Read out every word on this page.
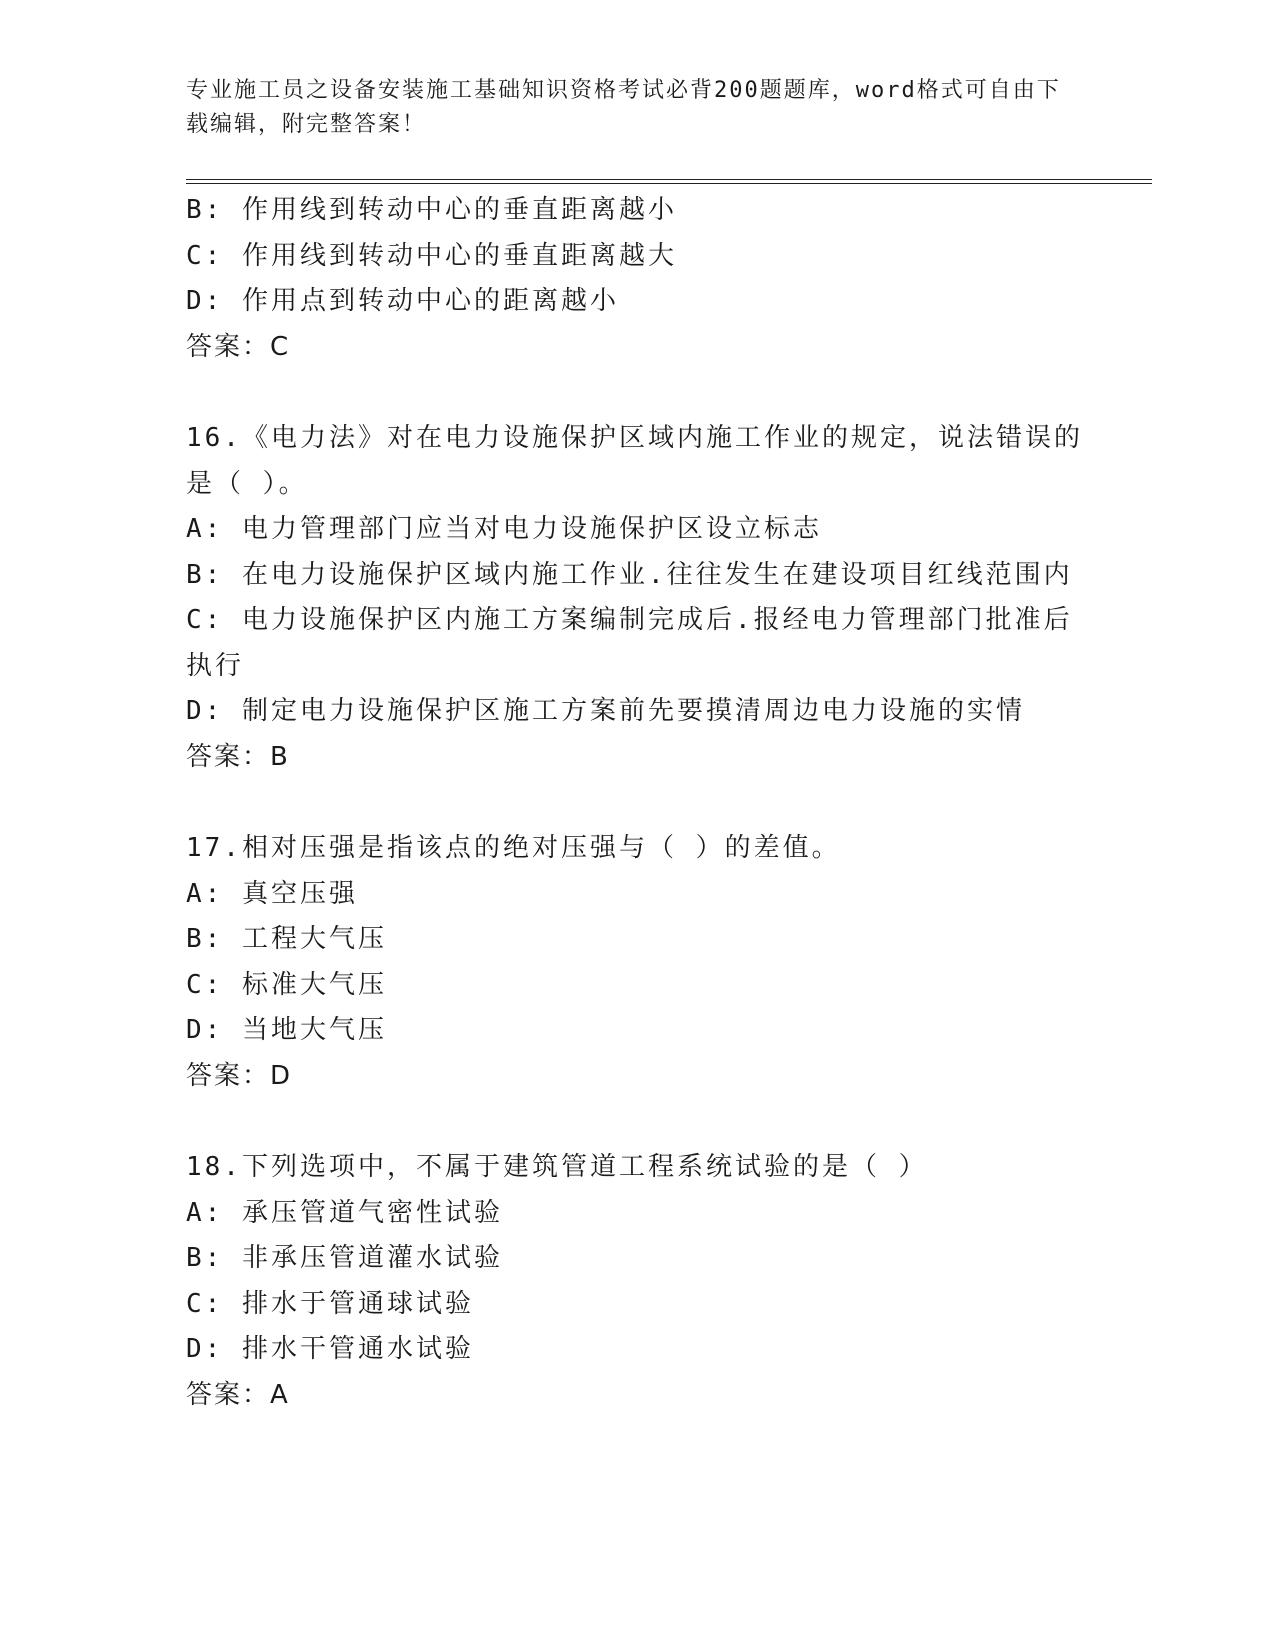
专业施工员之设备安装施工基础知识资格考试必背200题题库，word格式可自由下载编辑，附完整答案！
B: 作用线到转动中心的垂直距离越小
C: 作用线到转动中心的垂直距离越大
D: 作用点到转动中心的距离越小
答案：C
16.《电力法》对在电力设施保护区域内施工作业的规定，说法错误的
是（ ）。
A: 电力管理部门应当对电力设施保护区设立标志
B: 在电力设施保护区域内施工作业.往往发生在建设项目红线范围内
C: 电力设施保护区内施工方案编制完成后.报经电力管理部门批准后
执行
D: 制定电力设施保护区施工方案前先要摸清周边电力设施的实情
答案：B
17.相对压强是指该点的绝对压强与（ ）的差值。
A: 真空压强
B: 工程大气压
C: 标准大气压
D: 当地大气压
答案：D
18.下列选项中，不属于建筑管道工程系统试验的是（ ）
A: 承压管道气密性试验
B: 非承压管道灌水试验
C: 排水于管通球试验
D: 排水干管通水试验
答案：A
